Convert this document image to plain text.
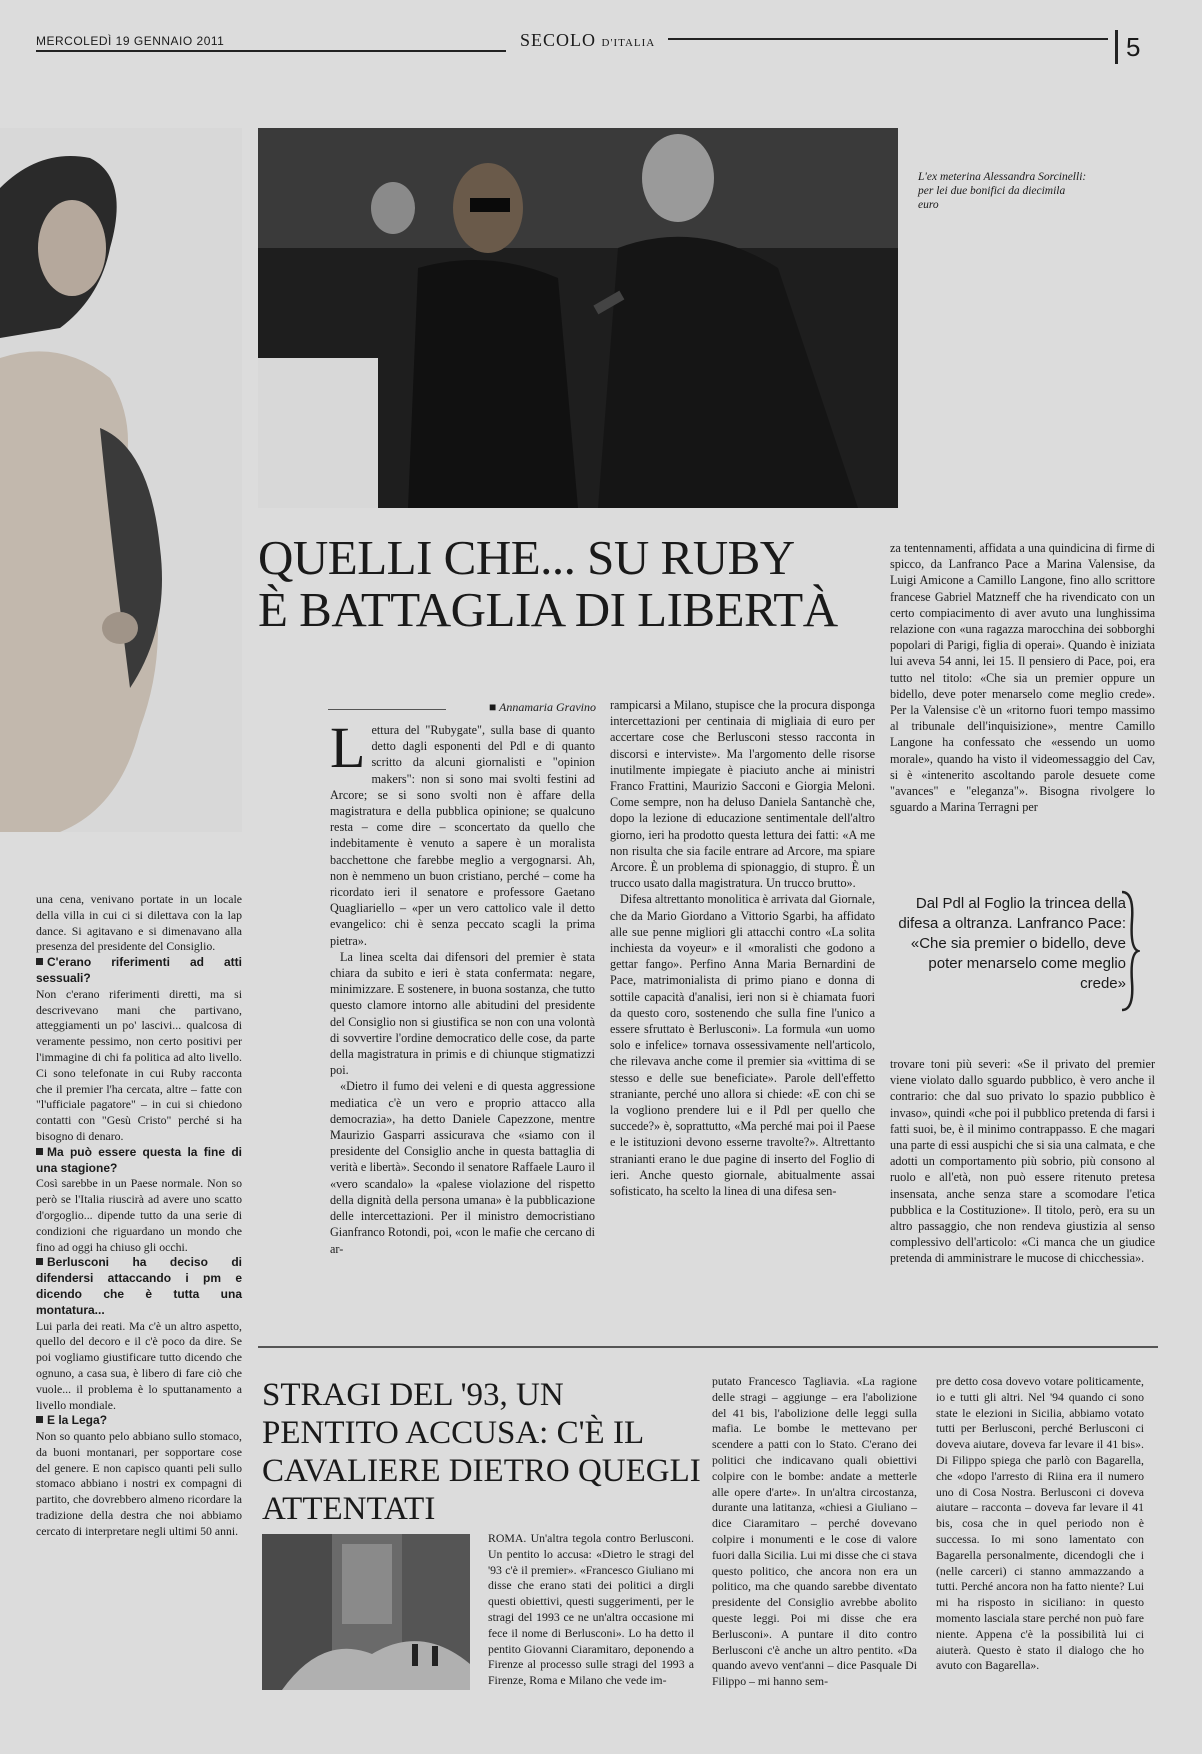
MERCOLEDÌ 19 GENNAIO 2011	SECOLO D'ITALIA	5
L'ex meterina Alessandra Sorcinelli: per lei due bonifici da diecimila euro
QUELLI CHE... SU RUBY
È BATTAGLIA DI LIBERTÀ
■ Annamaria Gravino

Lettura del "Rubygate", sulla base di quanto detto dagli esponenti del Pdl e di quanto scritto da alcuni giornalisti e "opinion makers": non si sono mai svolti festini ad Arcore; se si sono svolti non è affare della magistratura e della pubblica opinione; se qualcuno resta – come dire – sconcertato da quello che indebitamente è venuto a sapere è un moralista bacchettone che farebbe meglio a vergognarsi. Ah, non è nemmeno un buon cristiano, perché – come ha ricordato ieri il senatore e professore Gaetano Quagliariello – «per un vero cattolico vale il detto evangelico: chi è senza peccato scagli la prima pietra».

La linea scelta dai difensori del premier è stata chiara da subito e ieri è stata confermata: negare, minimizzare. E sostenere, in buona sostanza, che tutto questo clamore intorno alle abitudini del presidente del Consiglio non si giustifica se non con una volontà di sovvertire l'ordine democratico delle cose, da parte della magistratura in primis e di chiunque stigmatizzi poi.

«Dietro il fumo dei veleni e di questa aggressione mediatica c'è un vero e proprio attacco alla democrazia», ha detto Daniele Capezzone, mentre Maurizio Gasparri assicurava che «siamo con il presidente del Consiglio anche in questa battaglia di verità e libertà». Secondo il senatore Raffaele Lauro il «vero scandalo» la «palese violazione del rispetto della dignità della persona umana» è la pubblicazione delle intercettazioni. Per il ministro democristiano Gianfranco Rotondi, poi, «con le mafie che cercano di ar-

rampicarsi a Milano, stupisce che la procura disponga intercettazioni per centinaia di migliaia di euro per accertare cose che Berlusconi stesso racconta in discorsi e interviste». Ma l'argomento delle risorse inutilmente impiegate è piaciuto anche ai ministri Franco Frattini, Maurizio Sacconi e Giorgia Meloni. Come sempre, non ha deluso Daniela Santanchè che, dopo la lezione di educazione sentimentale dell'altro giorno, ieri ha prodotto questa lettura dei fatti: «A me non risulta che sia facile entrare ad Arcore, ma spiare Arcore. È un problema di spionaggio, di stupro. È un trucco usato dalla magistratura. Un trucco brutto».

Difesa altrettanto monolitica è arrivata dal Giornale, che da Mario Giordano a Vittorio Sgarbi, ha affidato alle sue penne migliori gli attacchi contro «La solita inchiesta da voyeur» e il «moralisti che godono a gettar fango». Perfino Anna Maria Bernardini de Pace, matrimonialista di primo piano e donna di sottile capacità d'analisi, ieri non si è chiamata fuori da questo coro, sostenendo che sulla fine l'unico a essere sfruttato è Berlusconi». La formula «un uomo solo e infelice» tornava ossessivamente nell'articolo, che rilevava anche come il premier sia «vittima di se stesso e delle sue beneficiate». Parole dell'effetto straniante, perché uno allora si chiede: «E con chi se la vogliono prendere lui e il Pdl per quello che succede?» è, soprattutto, «Ma perché mai poi il Paese e le istituzioni devono esserne travolte?». Altrettanto stranianti erano le due pagine di inserto del Foglio di ieri. Anche questo giornale, abitualmente assai sofisticato, ha scelto la linea di una difesa sen-

za tentennamenti, affidata a una quindicina di firme di spicco, da Lanfranco Pace a Marina Valensise, da Luigi Amicone a Camillo Langone, fino allo scrittore francese Gabriel Matzneff che ha rivendicato con un certo compiacimento di aver avuto una lunghissima relazione con «una ragazza marocchina dei sobborghi popolari di Parigi, figlia di operai». Quando è iniziata lui aveva 54 anni, lei 15. Il pensiero di Pace, poi, era tutto nel titolo: «Che sia un premier oppure un bidello, deve poter menarselo come meglio crede». Per la Valensise c'è un «ritorno fuori tempo massimo al tribunale dell'inquisizione», mentre Camillo Langone ha confessato che «essendo un uomo morale», quando ha visto il videomessaggio del Cav, si è «intenerito ascoltando parole desuete come "avances" e "eleganza"». Bisogna rivolgere lo sguardo a Marina Terragni per

Dal Pdl al Foglio la trincea della difesa a oltranza. Lanfranco Pace: «Che sia premier o bidello, deve poter menarselo come meglio crede»

trovare toni più severi: «Se il privato del premier viene violato dallo sguardo pubblico, è vero anche il contrario: che dal suo privato lo spazio pubblico è invaso», quindi «che poi il pubblico pretenda di farsi i fatti suoi, be, è il minimo contrappasso. E che magari una parte di essi auspichi che si sia una calmata, e che adotti un comportamento più sobrio, più consono al ruolo e all'età, non può essere ritenuto pretesa insensata, anche senza stare a scomodare l'etica pubblica e la Costituzione». Il titolo, però, era su un altro passaggio, che non rendeva giustizia al senso complessivo dell'articolo: «Ci manca che un giudice pretenda di amministrare le mucose di chicchessia».

una cena, venivano portate in un locale della villa in cui ci si dilettava con la lap dance. Si agitavano e si dimenavano alla presenza del presidente del Consiglio.

C'erano riferimenti ad atti sessuali?

Non c'erano riferimenti diretti, ma si descrivevano mani che partivano, atteggiamenti un po' lascivi... qualcosa di veramente pessimo, non certo positivi per l'immagine di chi fa politica ad alto livello. Ci sono telefonate in cui Ruby racconta che il premier l'ha cercata, altre – fatte con "l'ufficiale pagatore" – in cui si chiedono contatti con "Gesù Cristo" perché si ha bisogno di denaro.

Ma può essere questa la fine di una stagione?

Così sarebbe in un Paese normale. Non so però se l'Italia riuscirà ad avere uno scatto d'orgoglio... dipende tutto da una serie di condizioni che riguardano un mondo che fino ad oggi ha chiuso gli occhi.

Berlusconi ha deciso di difendersi attaccando i pm e dicendo che è tutta una montatura...

Lui parla dei reati. Ma c'è un altro aspetto, quello del decoro e il c'è poco da dire. Se poi vogliamo giustificare tutto dicendo che ognuno, a casa sua, è libero di fare ciò che vuole... il problema è lo sputtanamento a livello mondiale.

E la Lega?

Non so quanto pelo abbiano sullo stomaco, da buoni montanari, per sopportare cose del genere. E non capisco quanti peli sullo stomaco abbiano i nostri ex compagni di partito, che dovrebbero almeno ricordare la tradizione della destra che noi abbiamo cercato di interpretare negli ultimi 50 anni.

STRAGI DEL '93, UN PENTITO ACCUSA: C'È IL CAVALIERE DIETRO QUEGLI ATTENTATI

ROMA. Un'altra tegola contro Berlusconi. Un pentito lo accusa: «Dietro le stragi del '93 c'è il premier». «Francesco Giuliano mi disse che erano stati dei politici a dirgli questi obiettivi, questi suggerimenti, per le stragi del 1993 ce ne un'altra occasione mi fece il nome di Berlusconi». Lo ha detto il pentito Giovanni Ciaramitaro, deponendo a Firenze al processo sulle stragi del 1993 a Firenze, Roma e Milano che vede im-

putato Francesco Tagliavia. «La ragione delle stragi – aggiunge – era l'abolizione del 41 bis, l'abolizione delle leggi sulla mafia. Le bombe le mettevano per scendere a patti con lo Stato. C'erano dei politici che indicavano quali obiettivi colpire con le bombe: andate a metterle alle opere d'arte». In un'altra circostanza, durante una latitanza, «chiesi a Giuliano – dice Ciaramitaro – perché dovevano colpire i monumenti e le cose di valore fuori dalla Sicilia. Lui mi disse che ci stava questo politico, che ancora non era un politico, ma che quando sarebbe diventato presidente del Consiglio avrebbe abolito queste leggi. Poi mi disse che era Berlusconi». A puntare il dito contro Berlusconi c'è anche un altro pentito. «Da quando avevo vent'anni – dice Pasquale Di Filippo – mi hanno sem-

pre detto cosa dovevo votare politicamente, io e tutti gli altri. Nel '94 quando ci sono state le elezioni in Sicilia, abbiamo votato tutti per Berlusconi, perché Berlusconi ci doveva aiutare, doveva far levare il 41 bis». Di Filippo spiega che parlò con Bagarella, che «dopo l'arresto di Riina era il numero uno di Cosa Nostra. Berlusconi ci doveva aiutare – racconta – doveva far levare il 41 bis, cosa che in quel periodo non è successa. Io mi sono lamentato con Bagarella personalmente, dicendogli che i (nelle carceri) ci stanno ammazzando a tutti. Perché ancora non ha fatto niente? Lui mi ha risposto in siciliano: in questo momento lasciala stare perché non può fare niente. Appena c'è la possibilità lui ci aiuterà. Questo è stato il dialogo che ho avuto con Bagarella».
